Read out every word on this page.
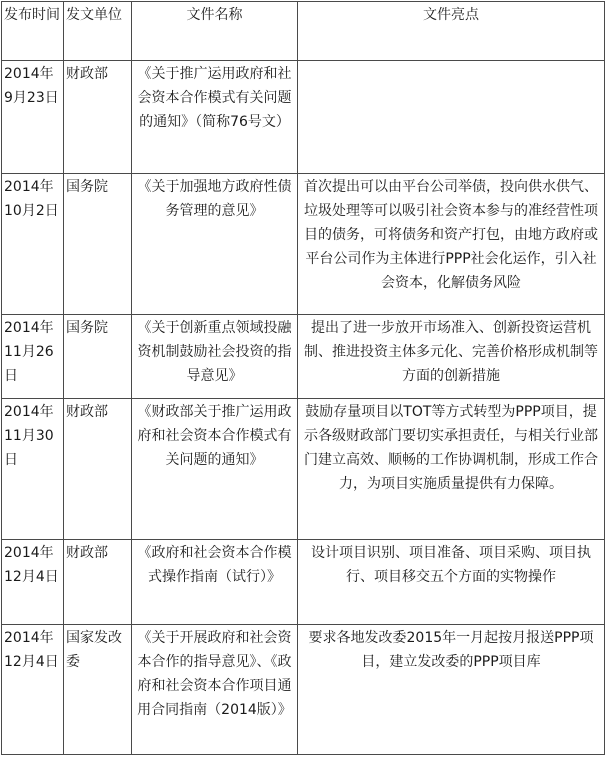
发布时间	发文单位	文件名称	文件亮点
2014年9月23日	财政部	《关于推广运用政府和社会资本合作模式有关问题的通知》（简称76号文）	
2014年10月2日	国务院	《关于加强地方政府性债务管理的意见》	首次提出可以由平台公司举债，投向供水供气、垃圾处理等可以吸引社会资本参与的准经营性项目的债务，可将债务和资产打包，由地方政府或平台公司作为主体进行PPP社会化运作，引入社会资本，化解债务风险
2014年11月26日	国务院	《关于创新重点领域投融资机制鼓励社会投资的指导意见》	提出了进一步放开市场准入、创新投资运营机制、推进投资主体多元化、完善价格形成机制等方面的创新措施
2014年11月30日	财政部	《财政部关于推广运用政府和社会资本合作模式有关问题的通知》	鼓励存量项目以TOT等方式转型为PPP项目，提示各级财政部门要切实承担责任，与相关行业部门建立高效、顺畅的工作协调机制，形成工作合力，为项目实施质量提供有力保障。
2014年12月4日	财政部	《政府和社会资本合作模式操作指南（试行）》	设计项目识别、项目准备、项目采购、项目执行、项目移交五个方面的实物操作
2014年12月4日	国家发改委	《关于开展政府和社会资本合作的指导意见》、《政府和社会资本合作项目通用合同指南（2014版）》	要求各地发改委2015年一月起按月报送PPP项目，建立发改委的PPP项目库
